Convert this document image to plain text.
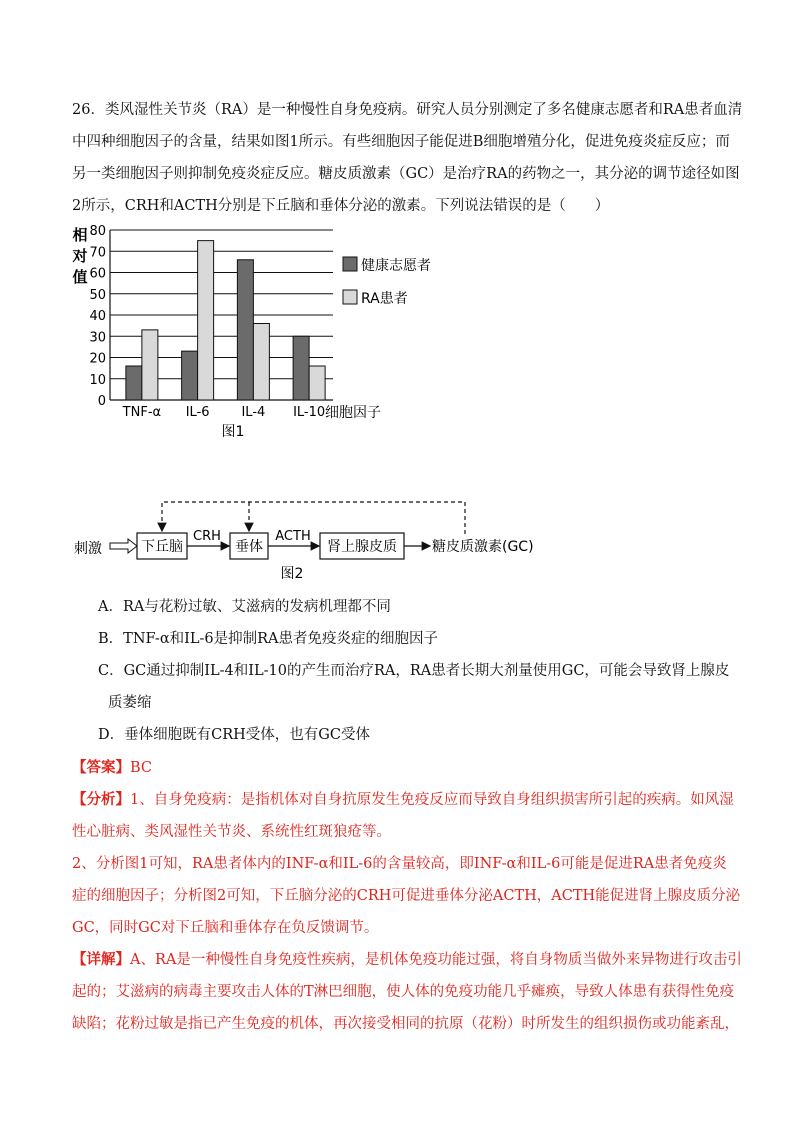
26．类风湿性关节炎（RA）是一种慢性自身免疫病。研究人员分别测定了多名健康志愿者和RA患者血清
中四种细胞因子的含量，结果如图1所示。有些细胞因子能促进B细胞增殖分化，促进免疫炎症反应；而
另一类细胞因子则抑制免疫炎症反应。糖皮质激素（GC）是治疗RA的药物之一，其分泌的调节途径如图
2所示，CRH和ACTH分别是下丘脑和垂体分泌的激素。下列说法错误的是（　　）
0
10
20
30
40
50
60
70
80
相
对
值
TNF-α IL-6 IL-4 IL-10 细胞因子
图1
健康志愿者
RA患者
刺激	下丘脑	垂体	肾上腺皮质	糖皮质激素(GC)
CRH	ACTH
图2
A．RA与花粉过敏、艾滋病的发病机理都不同
B．TNF-α和IL-6是抑制RA患者免疫炎症的细胞因子
C．GC通过抑制IL-4和IL-10的产生而治疗RA，RA患者长期大剂量使用GC，可能会导致肾上腺皮
质萎缩
D．垂体细胞既有CRH受体，也有GC受体
【答案】BC
【分析】1、自身免疫病：是指机体对自身抗原发生免疫反应而导致自身组织损害所引起的疾病。如风湿
性心脏病、类风湿性关节炎、系统性红斑狼疮等。
2、分析图1可知，RA患者体内的INF-α和IL-6的含量较高，即INF-α和IL-6可能是促进RA患者免疫炎
症的细胞因子；分析图2可知，下丘脑分泌的CRH可促进垂体分泌ACTH，ACTH能促进肾上腺皮质分泌
GC，同时GC对下丘脑和垂体存在负反馈调节。
【详解】A、RA是一种慢性自身免疫性疾病，是机体免疫功能过强，将自身物质当做外来异物进行攻击引
起的；艾滋病的病毒主要攻击人体的T淋巴细胞，使人体的免疫功能几乎瘫痪，导致人体患有获得性免疫
缺陷；花粉过敏是指已产生免疫的机体，再次接受相同的抗原（花粉）时所发生的组织损伤或功能紊乱，
